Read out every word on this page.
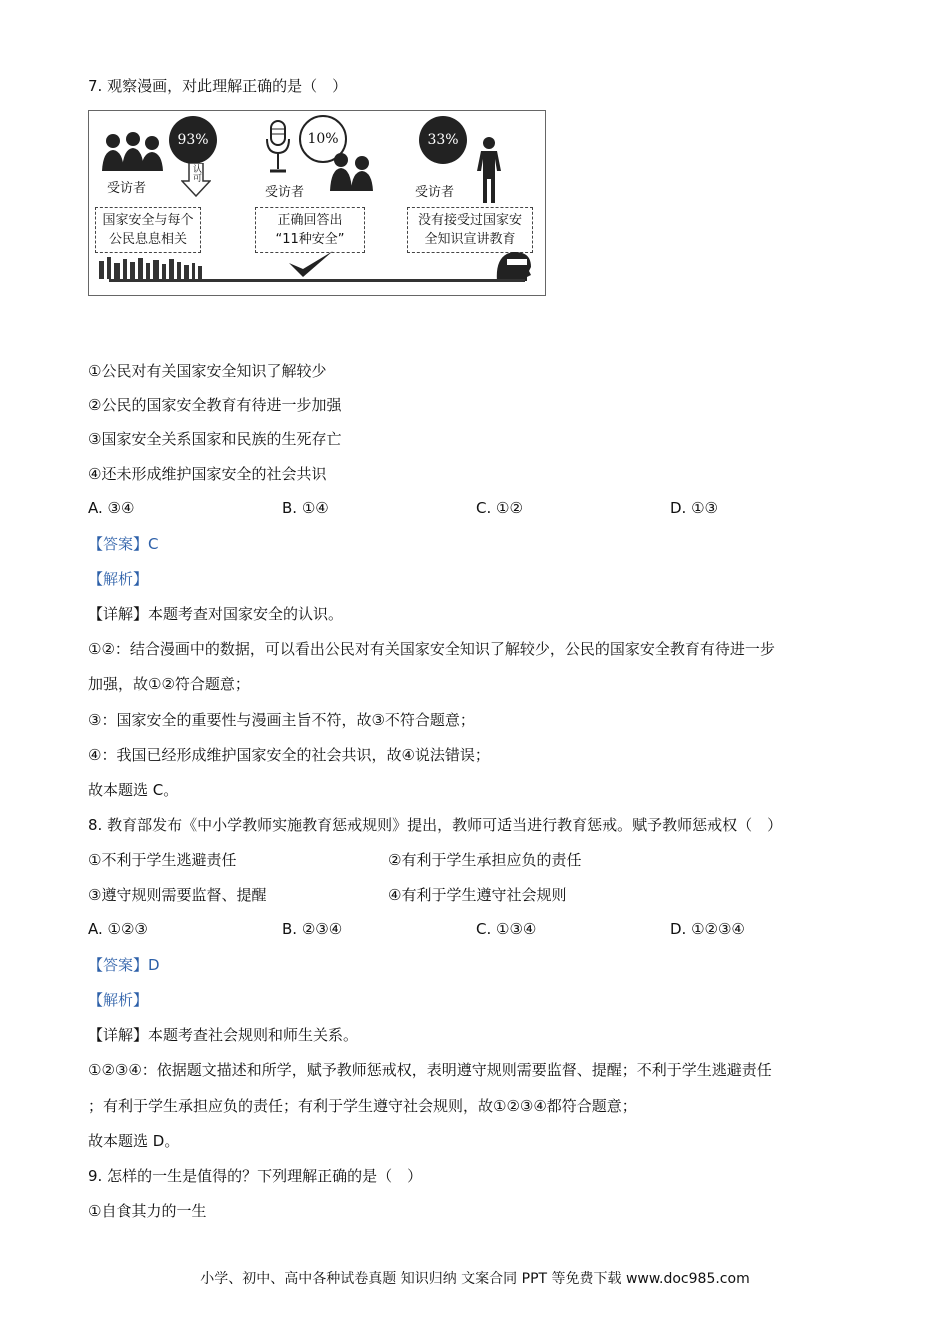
7. 观察漫画，对此理解正确的是（　 ）
93%
认可
受访者
国家安全与每个
公民息息相关
10%
受访者
正确回答出
“11种安全”
33%
受访者
没有接受过国家安
全知识宣讲教育
①公民对有关国家安全知识了解较少
②公民的国家安全教育有待进一步加强
③国家安全关系国家和民族的生死存亡
④还未形成维护国家安全的社会共识
A. ③④	B. ①④	C. ①②	D. ①③
【答案】C
【解析】
【详解】本题考查对国家安全的认识。
①②：结合漫画中的数据，可以看出公民对有关国家安全知识了解较少，公民的国家安全教育有待进一步
加强，故①②符合题意；
③：国家安全的重要性与漫画主旨不符，故③不符合题意；
④：我国已经形成维护国家安全的社会共识，故④说法错误；
故本题选 C。
8. 教育部发布《中小学教师实施教育惩戒规则》提出，教师可适当进行教育惩戒。赋予教师惩戒权（　 ）
①不利于学生逃避责任	②有利于学生承担应负的责任
③遵守规则需要监督、提醒	④有利于学生遵守社会规则
A. ①②③	B. ②③④	C. ①③④	D. ①②③④
【答案】D
【解析】
【详解】本题考查社会规则和师生关系。
①②③④：依据题文描述和所学，赋予教师惩戒权，表明遵守规则需要监督、提醒；不利于学生逃避责任
；有利于学生承担应负的责任；有利于学生遵守社会规则，故①②③④都符合题意；
故本题选 D。
9. 怎样的一生是值得的？下列理解正确的是（　 ）
①自食其力的一生
小学、初中、高中各种试卷真题 知识归纳 文案合同 PPT 等免费下载 www.doc985.com
